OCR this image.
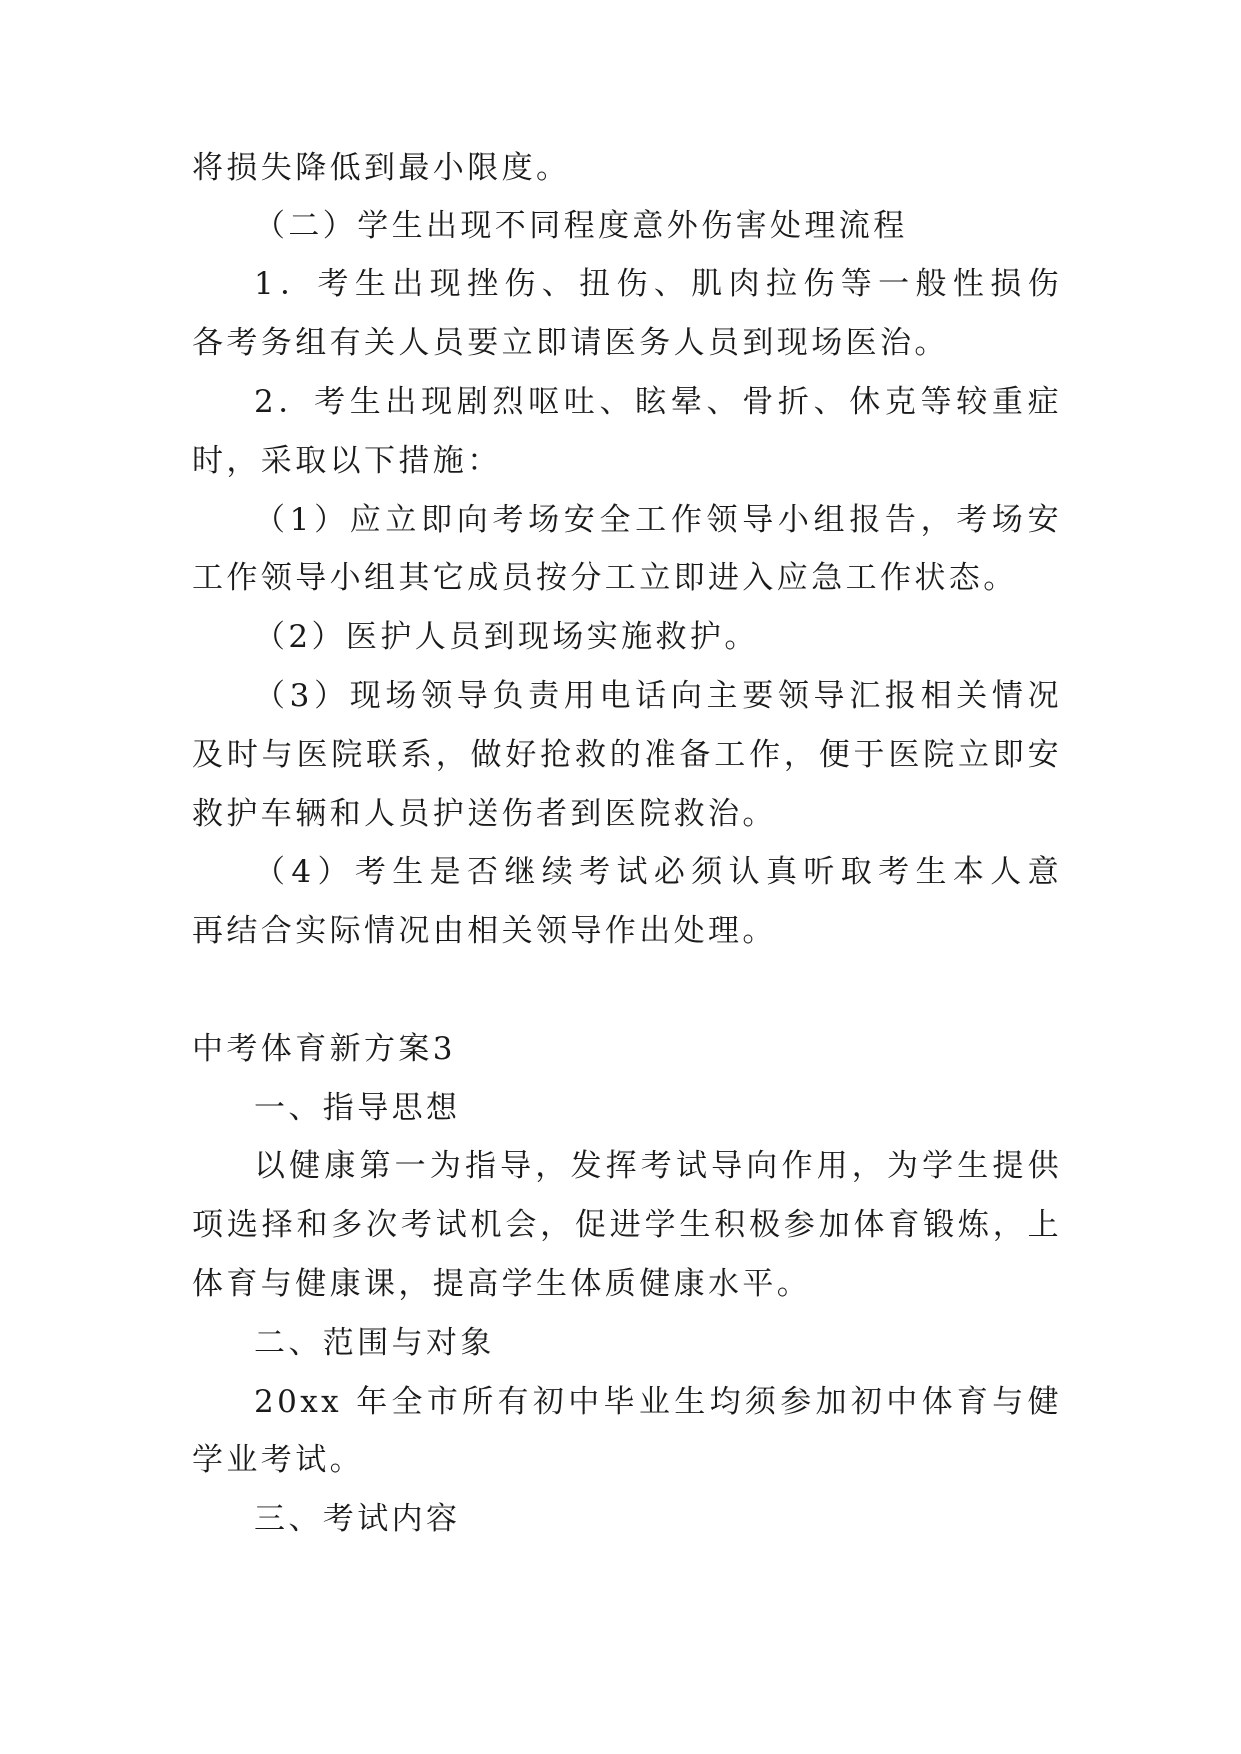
将损失降低到最小限度。
（二）学生出现不同程度意外伤害处理流程
1．考生出现挫伤、扭伤、肌肉拉伤等一般性损伤
各考务组有关人员要立即请医务人员到现场医治。
2．考生出现剧烈呕吐、眩晕、骨折、休克等较重症
时，采取以下措施：
（1）应立即向考场安全工作领导小组报告，考场安
工作领导小组其它成员按分工立即进入应急工作状态。
（2）医护人员到现场实施救护。
（3）现场领导负责用电话向主要领导汇报相关情况
及时与医院联系，做好抢救的准备工作，便于医院立即安
救护车辆和人员护送伤者到医院救治。
（4）考生是否继续考试必须认真听取考生本人意
再结合实际情况由相关领导作出处理。
中考体育新方案3
一、指导思想
以健康第一为指导，发挥考试导向作用，为学生提供
项选择和多次考试机会，促进学生积极参加体育锻炼，上
体育与健康课，提高学生体质健康水平。
二、范围与对象
20xx 年全市所有初中毕业生均须参加初中体育与健
学业考试。
三、考试内容
